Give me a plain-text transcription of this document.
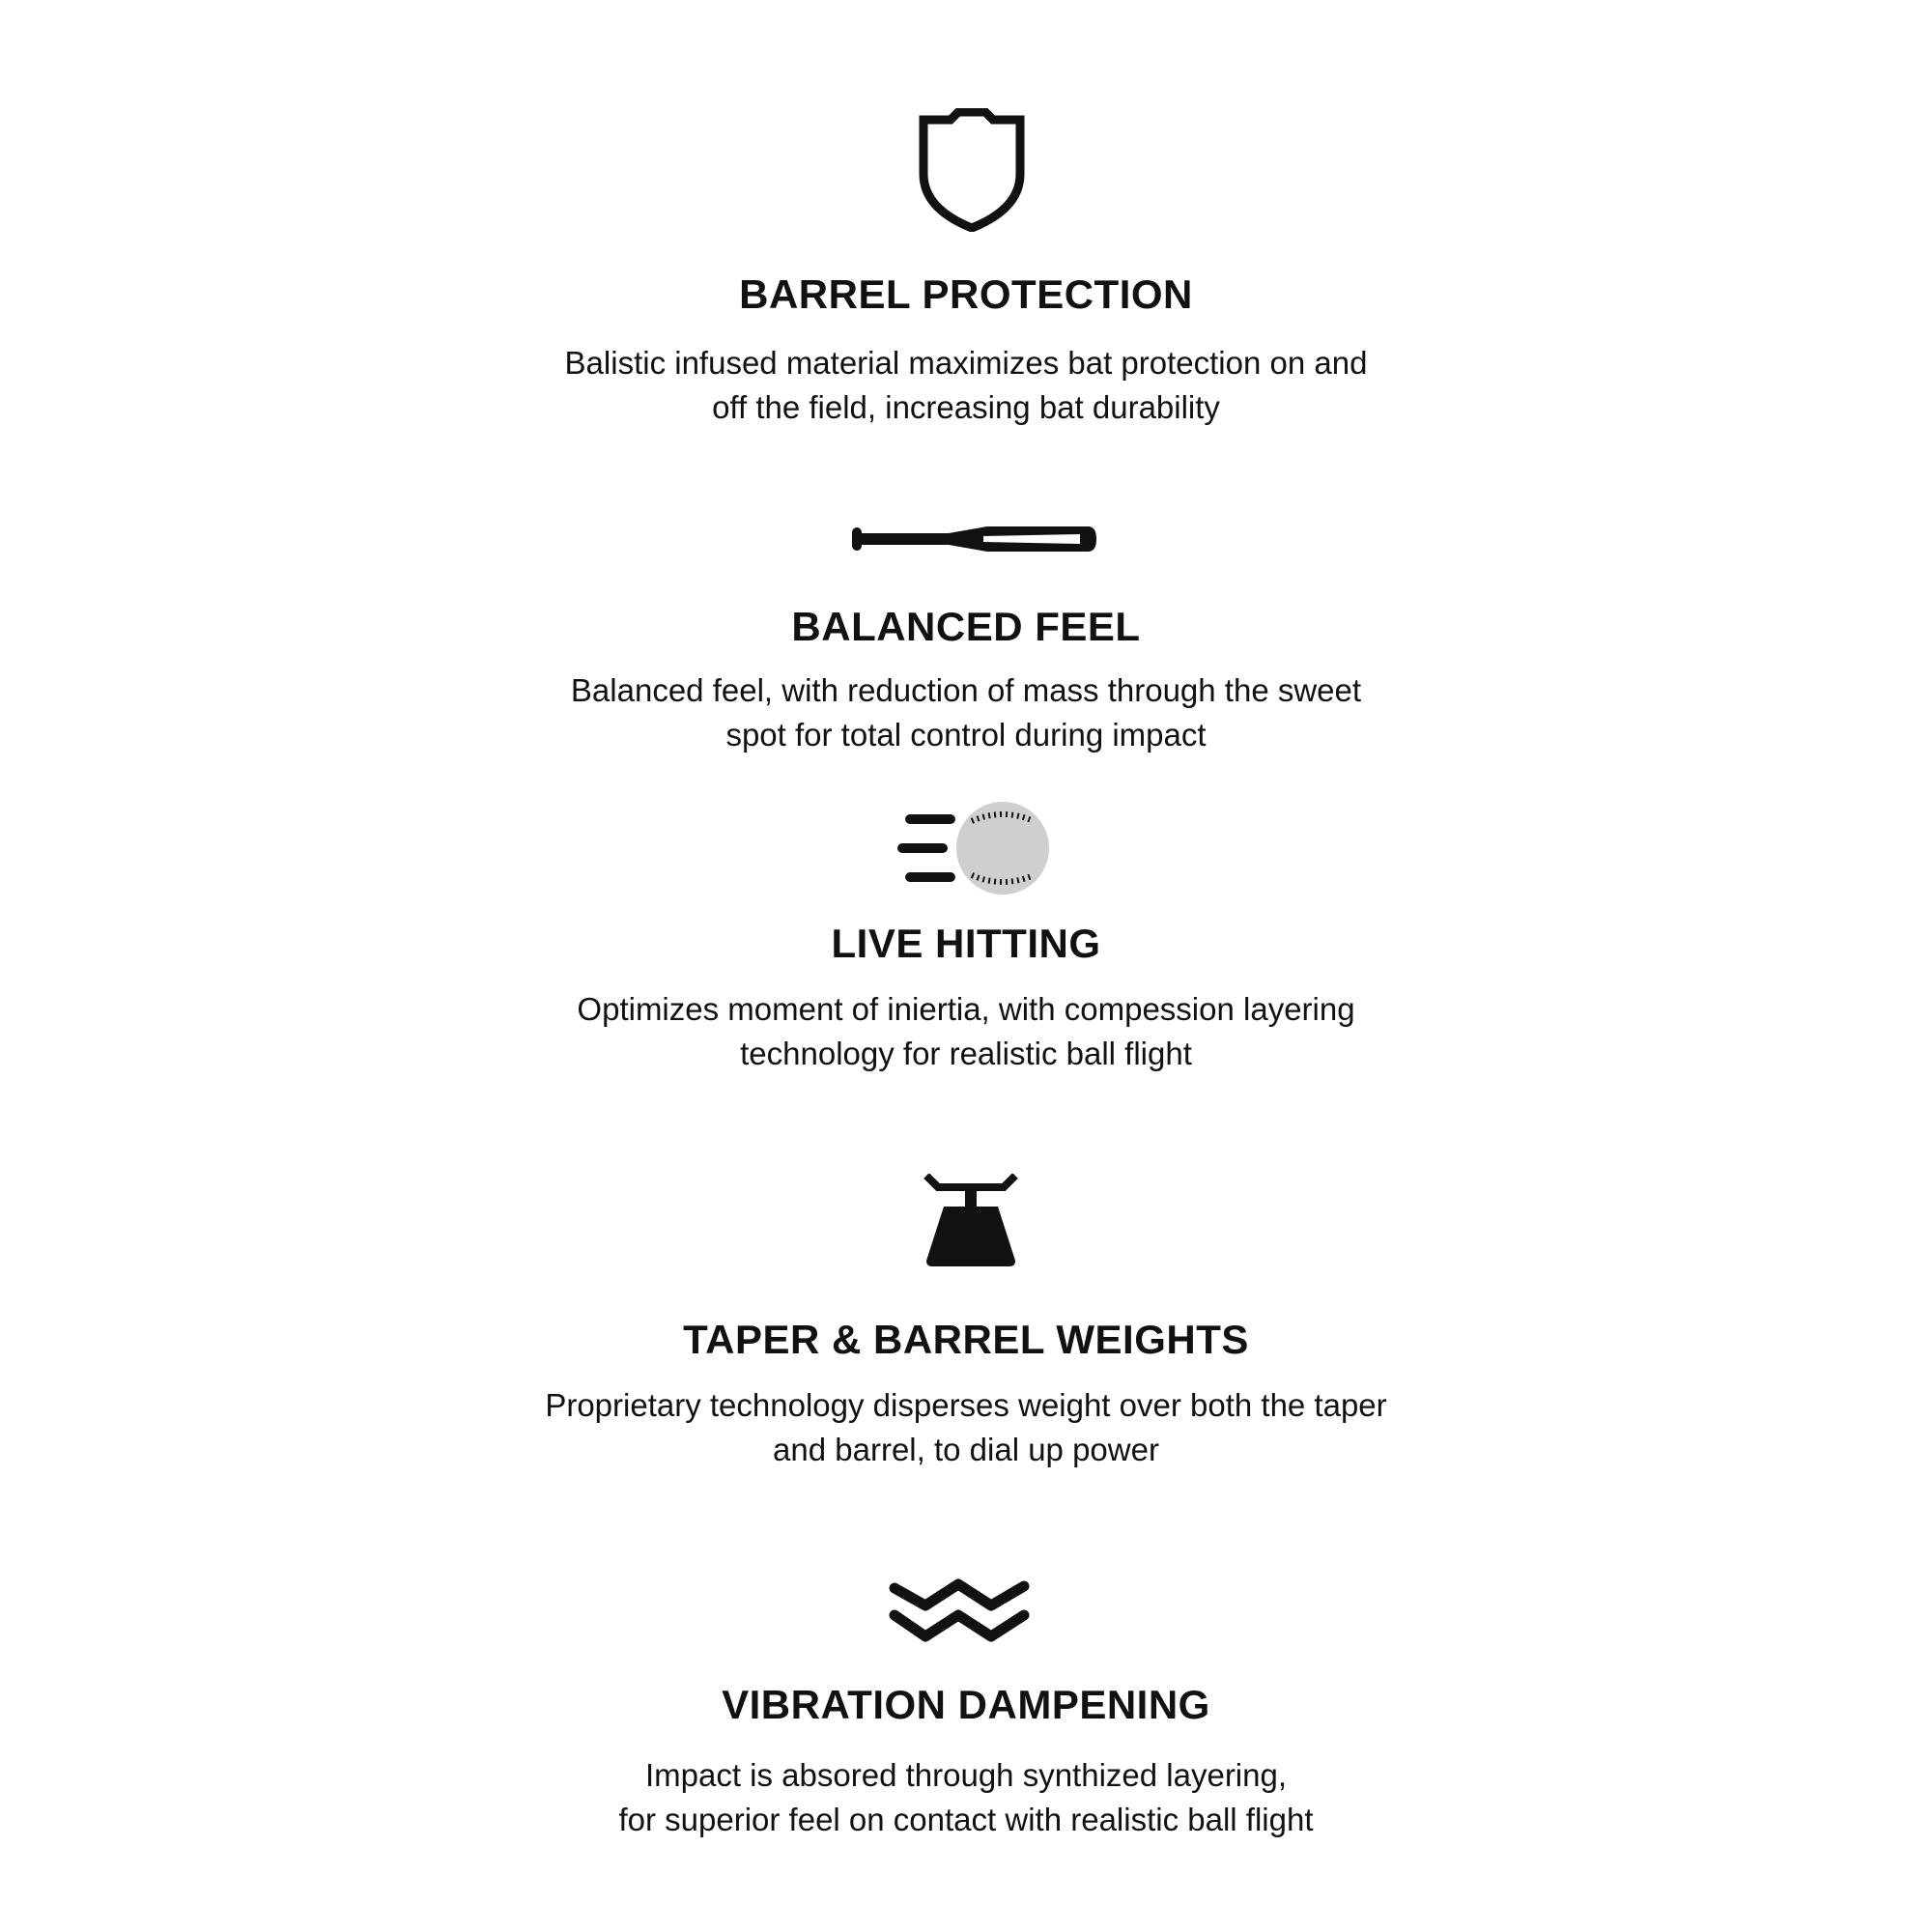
BARREL PROTECTION

Balistic infused material maximizes bat protection on and
off the field, increasing bat durability

BALANCED FEEL

Balanced feel, with reduction of mass through the sweet
spot for total control during impact

LIVE HITTING

Optimizes moment of iniertia, with compession layering
technology for realistic ball flight

TAPER & BARREL WEIGHTS

Proprietary technology disperses weight over both the taper
and barrel, to dial up power

VIBRATION DAMPENING

Impact is absored through synthized layering,
for superior feel on contact with realistic ball flight
